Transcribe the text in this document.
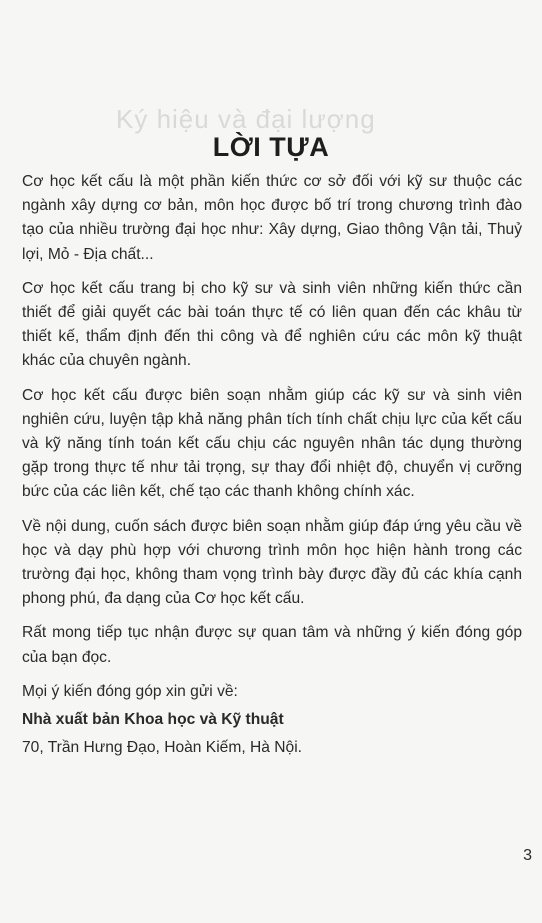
Ký hiệu và đại lượng
LỜI TỰA

Cơ học kết cấu là một phần kiến thức cơ sở đối với kỹ sư thuộc các ngành xây dựng cơ bản, môn học được bố trí trong chương trình đào tạo của nhiều trường đại học như: Xây dựng, Giao thông Vận tải, Thuỷ lợi, Mỏ - Địa chất...

Cơ học kết cấu trang bị cho kỹ sư và sinh viên những kiến thức cần thiết để giải quyết các bài toán thực tế có liên quan đến các khâu từ thiết kế, thẩm định đến thi công và để nghiên cứu các môn kỹ thuật khác của chuyên ngành.

Cơ học kết cấu được biên soạn nhằm giúp các kỹ sư và sinh viên nghiên cứu, luyện tập khả năng phân tích tính chất chịu lực của kết cấu và kỹ năng tính toán kết cấu chịu các nguyên nhân tác dụng thường gặp trong thực tế như tải trọng, sự thay đổi nhiệt độ, chuyển vị cưỡng bức của các liên kết, chế tạo các thanh không chính xác.

Về nội dung, cuốn sách được biên soạn nhằm giúp đáp ứng yêu cầu về học và dạy phù hợp với chương trình môn học hiện hành trong các trường đại học, không tham vọng trình bày được đầy đủ các khía cạnh phong phú, đa dạng của Cơ học kết cấu.

Rất mong tiếp tục nhận được sự quan tâm và những ý kiến đóng góp của bạn đọc.

Mọi ý kiến đóng góp xin gửi về:

Nhà xuất bản Khoa học và Kỹ thuật

70, Trần Hưng Đạo, Hoàn Kiếm, Hà Nội.

3
